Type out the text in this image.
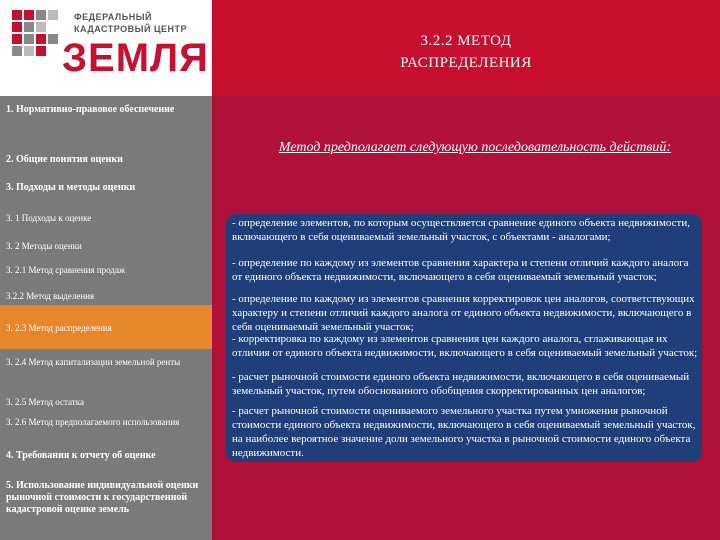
ФЕДЕРАЛЬНЫЙ
КАДАСТРОВЫЙ ЦЕНТР
ЗЕМЛЯ	3.2.2 МЕТОД
РАСПРЕДЕЛЕНИЯ
1. Нормативно-правовое обеспечение
2. Общие понятия оценки
3. Подходы и методы оценки
3. 1 Подходы к оценке
3. 2 Методы оценки
3. 2.1 Метод сравнения продаж
3.2.2 Метод выделения
3. 2.3 Метод распределения
3. 2.4 Метод капитализации земельной ренты
3. 2.5 Метод остатка
3. 2.6 Метод предполагаемого использования
4. Требования к отчету об оценке
5. Использование индивидуальной оценки рыночной стоимости к государственной кадастровой оценке земель
Метод предполагает следующую последовательность действий:
- определение элементов, по которым осуществляется сравнение единого объекта недвижимости, включающего в себя оцениваемый земельный участок, с объектами - аналогами;
- определение по каждому из элементов сравнения характера и степени отличий каждого аналога от единого объекта недвижимости, включающего в себя оцениваемый земельный участок;
- определение по каждому из элементов сравнения корректировок цен аналогов, соответствующих характеру и степени отличий каждого аналога от единого объекта недвижимости, включающего в себя оцениваемый земельный участок;
- корректировка по каждому из элементов сравнения цен каждого аналога, сглаживающая их отличия от единого объекта недвижимости, включающего в себя оцениваемый земельный участок;
- расчет рыночной стоимости единого объекта недвижимости, включающего в себя оцениваемый земельный участок, путем обоснованного обобщения скорректированных цен аналогов;
- расчет рыночной стоимости оцениваемого земельного участка путем умножения рыночной стоимости единого объекта недвижимости, включающего в себя оцениваемый земельный участок, на наиболее вероятное значение доли земельного участка в рыночной стоимости единого объекта недвижимости.
